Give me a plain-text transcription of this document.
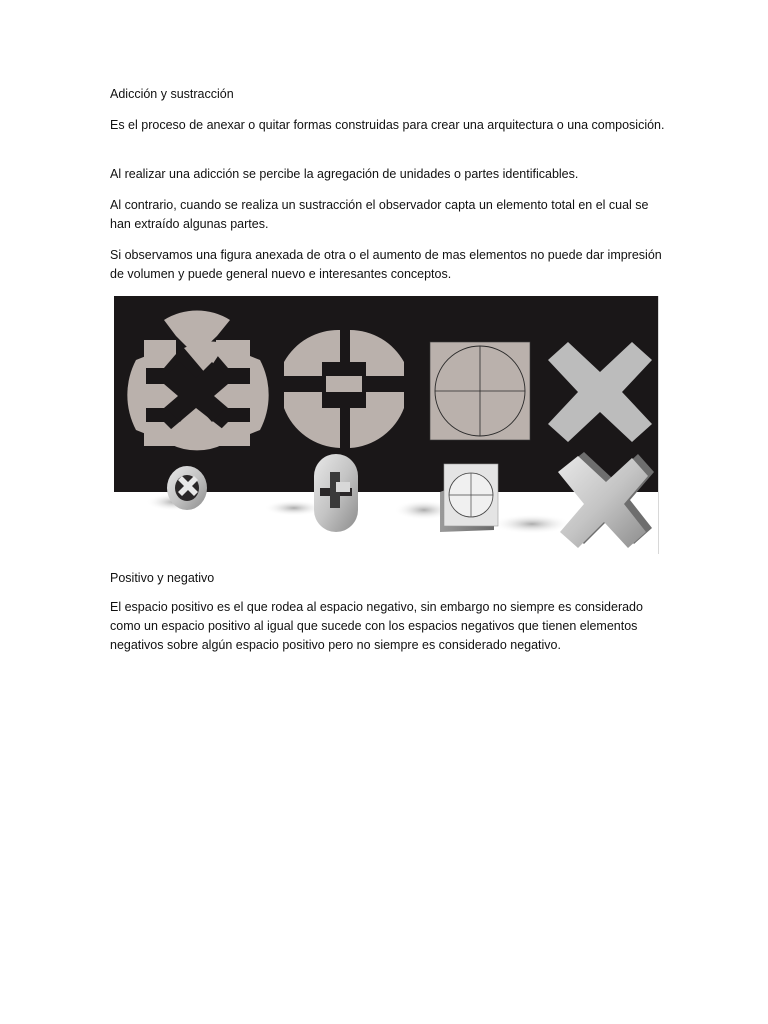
Adicción y sustracción

Es el proceso de anexar o quitar formas construidas para crear una arquitectura o una composición.

Al realizar una adicción se percibe la agregación de unidades o partes identificables.

Al contrario, cuando se realiza un sustracción el observador capta un elemento total en el cual se han extraído algunas partes.

Si observamos una figura anexada de otra o el aumento de mas elementos no puede dar impresión de volumen y puede general nuevo e interesantes conceptos.

Positivo y negativo

El espacio positivo es el que rodea al espacio negativo, sin embargo no siempre es considerado como un espacio positivo al igual que sucede con los espacios negativos que tienen elementos negativos sobre algún espacio positivo pero no siempre es considerado negativo.
